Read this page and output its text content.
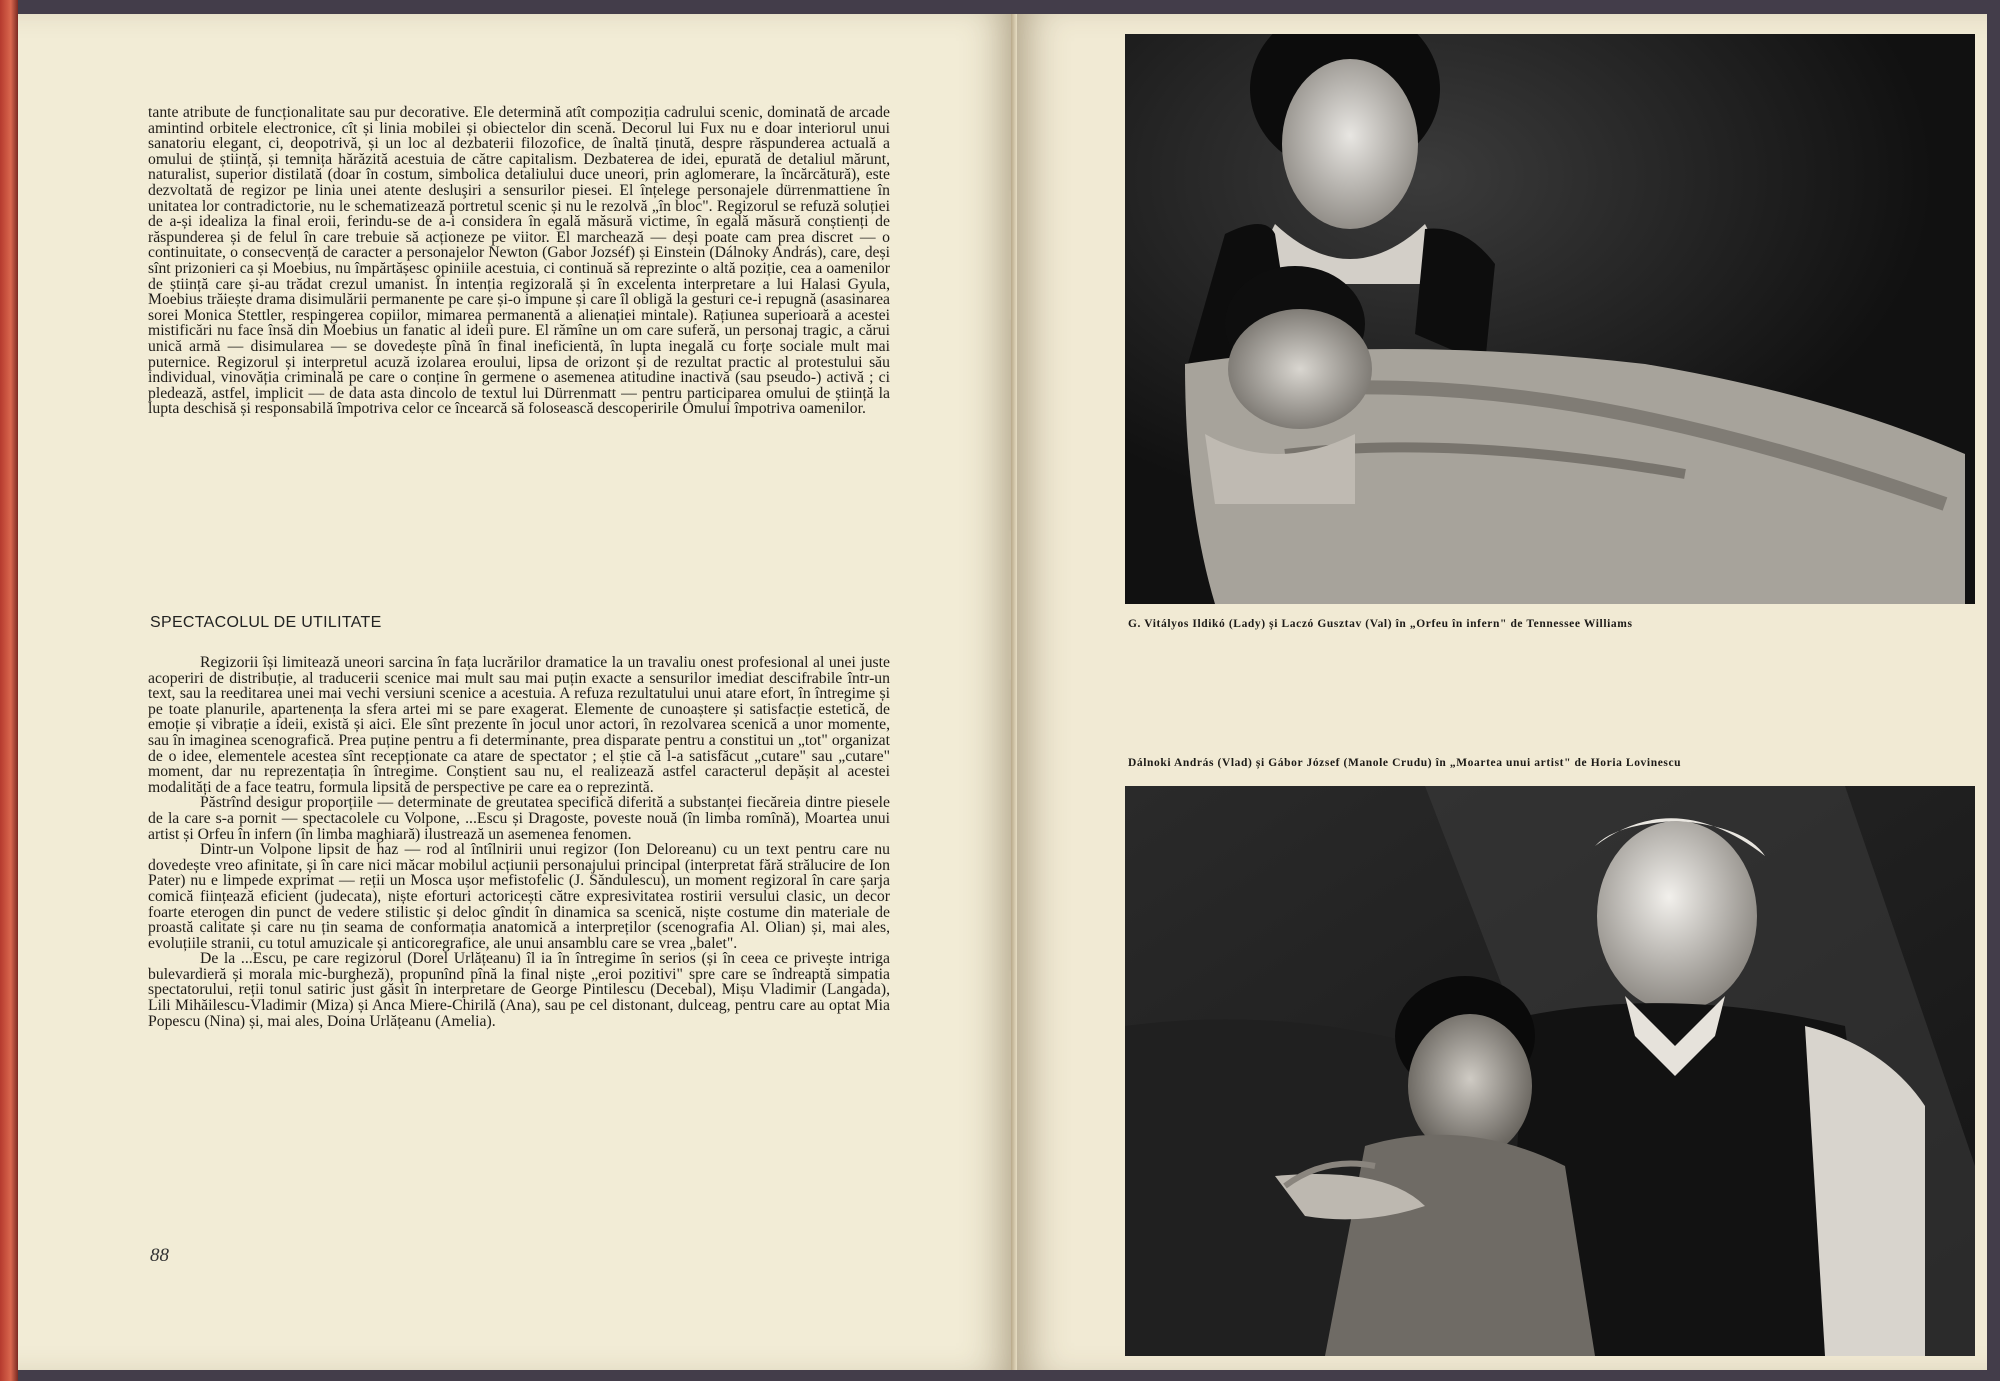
tante atribute de funcționalitate sau pur decorative. Ele determină atît compoziția cadrului scenic, dominată de arcade amintind orbitele electronice, cît și linia mobilei și obiectelor din scenă. Decorul lui Fux nu e doar interiorul unui sanatoriu elegant, ci, deopotrivă, și un loc al dezbaterii filozofice, de înaltă ținută, despre răspunderea actuală a omului de știință, și temnița hărăzită acestuia de către capitalism. Dezbaterea de idei, epurată de detaliul mărunt, naturalist, superior distilată (doar în costum, simbolica detaliului duce uneori, prin aglomerare, la încărcătură), este dezvoltată de regizor pe linia unei atente desluşiri a sensurilor piesei. El înțelege personajele dürrenmattiene în unitatea lor contradictorie, nu le schematizează portretul scenic și nu le rezolvă „în bloc". Regizorul se refuză soluției de a-și idealiza la final eroii, ferindu-se de a-i considera în egală măsură victime, în egală măsură conștienți de răspunderea și de felul în care trebuie să acționeze pe viitor. El marchează — deși poate cam prea discret — o continuitate, o consecvență de caracter a personajelor Newton (Gabor Jozséf) și Einstein (Dálnoky András), care, deși sînt prizonieri ca și Moebius, nu împărtășesc opiniile acestuia, ci continuă să reprezinte o altă poziție, cea a oamenilor de știință care și-au trădat crezul umanist. În intenția regizorală și în excelenta interpretare a lui Halasi Gyula, Moebius trăiește drama disimulării permanente pe care și-o impune și care îl obligă la gesturi ce-i repugnă (asasinarea sorei Monica Stettler, respingerea copiilor, mimarea permanentă a alienației mintale). Rațiunea superioară a acestei mistificări nu face însă din Moebius un fanatic al ideii pure. El rămîne un om care suferă, un personaj tragic, a cărui unică armă — disimularea — se dovedește pînă în final ineficientă, în lupta inegală cu forțe sociale mult mai puternice. Regizorul și interpretul acuză izolarea eroului, lipsa de orizont și de rezultat practic al protestului său individual, vinovăția criminală pe care o conține în germene o asemenea atitudine inactivă (sau pseudo-) activă ; ci pledează, astfel, implicit — de data asta dincolo de textul lui Dürrenmatt — pentru participarea omului de știință la lupta deschisă și responsabilă împotriva celor ce încearcă să folosească descoperirile Omului împotriva oamenilor.

SPECTACOLUL DE UTILITATE

Regizorii își limitează uneori sarcina în fața lucrărilor dramatice la un travaliu onest profesional al unei juste acoperiri de distribuție, al traducerii scenice mai mult sau mai puțin exacte a sensurilor imediat descifrabile într-un text, sau la reeditarea unei mai vechi versiuni scenice a acestuia. A refuza rezultatului unui atare efort, în întregime și pe toate planurile, apartenența la sfera artei mi se pare exagerat. Elemente de cunoaștere și satisfacție estetică, de emoție și vibrație a ideii, există și aici. Ele sînt prezente în jocul unor actori, în rezolvarea scenică a unor momente, sau în imaginea scenografică. Prea puține pentru a fi determinante, prea disparate pentru a constitui un „tot" organizat de o idee, elementele acestea sînt recepționate ca atare de spectator ; el știe că l-a satisfăcut „cutare" sau „cutare" moment, dar nu reprezentația în întregime. Conștient sau nu, el realizează astfel caracterul depășit al acestei modalități de a face teatru, formula lipsită de perspective pe care ea o reprezintă.

Păstrînd desigur proporțiile — determinate de greutatea specifică diferită a substanței fiecăreia dintre piesele de la care s-a pornit — spectacolele cu Volpone, ...Escu și Dragoste, poveste nouă (în limba romînă), Moartea unui artist și Orfeu în infern (în limba maghiară) ilustrează un asemenea fenomen.

Dintr-un Volpone lipsit de haz — rod al întîlnirii unui regizor (Ion Deloreanu) cu un text pentru care nu dovedește vreo afinitate, și în care nici măcar mobilul acțiunii personajului principal (interpretat fără strălucire de Ion Pater) nu e limpede exprimat — reții un Mosca ușor mefistofelic (J. Săndulescu), un moment regizoral în care șarja comică ființează eficient (judecata), niște eforturi actoricești către expresivitatea rostirii versului clasic, un decor foarte eterogen din punct de vedere stilistic și deloc gîndit în dinamica sa scenică, niște costume din materiale de proastă calitate și care nu țin seama de conformația anatomică a interpreților (scenografia Al. Olian) și, mai ales, evoluțiile stranii, cu totul amuzicale și anticoregrafice, ale unui ansamblu care se vrea „balet".

De la ...Escu, pe care regizorul (Dorel Urlățeanu) îl ia în întregime în serios (și în ceea ce privește intriga bulevardieră și morala mic-burgheză), propunînd pînă la final niște „eroi pozitivi" spre care se îndreaptă simpatia spectatorului, reții tonul satiric just găsit în interpretare de George Pintilescu (Decebal), Mișu Vladimir (Langada), Lili Mihăilescu-Vladimir (Miza) și Anca Miere-Chirilă (Ana), sau pe cel distonant, dulceag, pentru care au optat Mia Popescu (Nina) și, mai ales, Doina Urlățeanu (Amelia).

88
G. Vitályos Ildikó (Lady) și Laczó Gusztav (Val) în „Orfeu în infern" de Tennessee Williams

Dálnoki András (Vlad) și Gábor József (Manole Crudu) în „Moartea unui artist" de Horia Lovinescu
